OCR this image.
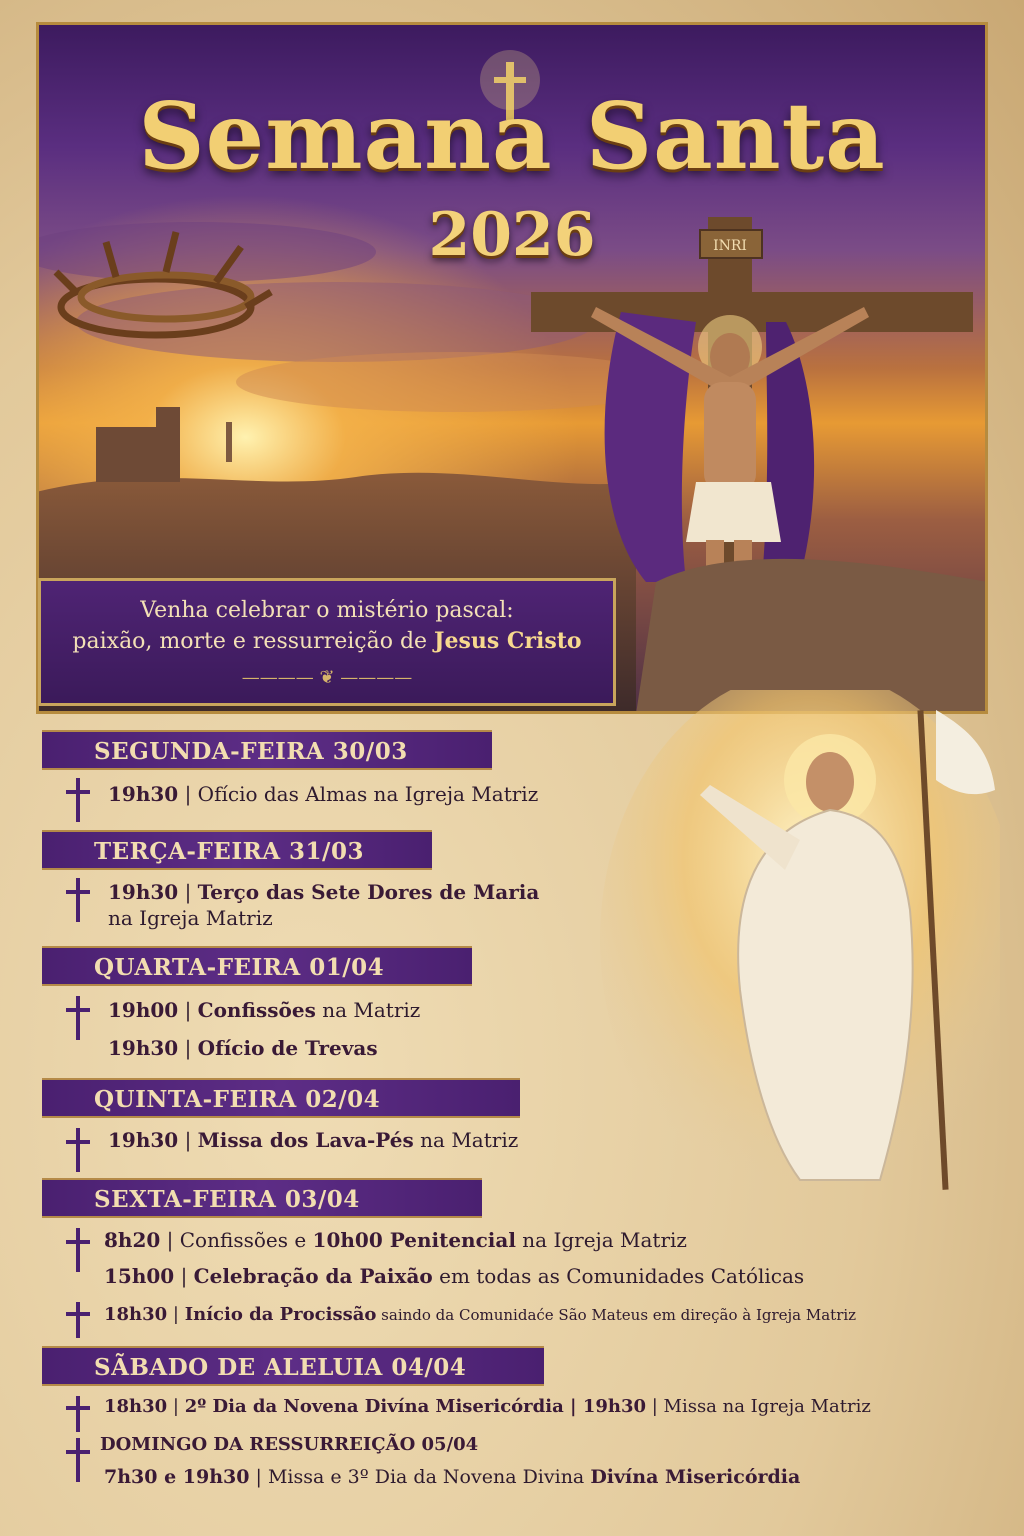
INRI
Semana Santa
2026
Venha celebrar o mistério pascal:
paixão, morte e ressurreição de Jesus Cristo
———— ❦ ————
SEGUNDA-FEIRA 30/03
TERÇA-FEIRA 31/03
QUARTA-FEIRA 01/04
QUINTA-FEIRA 02/04
SEXTA-FEIRA 03/04
SÃBADO DE ALELUIA 04/04
19h30 | Ofício das Almas na Igreja Matriz
19h30 | Terço das Sete Dores de Maria
na Igreja Matriz
19h00 | Confissões na Matriz
19h30 | Ofício de Trevas
19h30 | Missa dos Lava-Pés na Matriz
8h20 | Confissões e 10h00 Penitencial na Igreja Matriz
15h00 | Celebração da Paixão em todas as Comunidades Católicas
18h30 | Início da Procissão saindo da Comunidaće São Mateus em direção à Igreja Matriz
18h30 | 2º Dia da Novena Divína Misericórdia | 19h30 | Missa na Igreja Matriz
DOMINGO DA RESSURREIÇÃO 05/04
7h30 e 19h30 | Missa e 3º Dia da Novena Divina Divína Misericórdia
